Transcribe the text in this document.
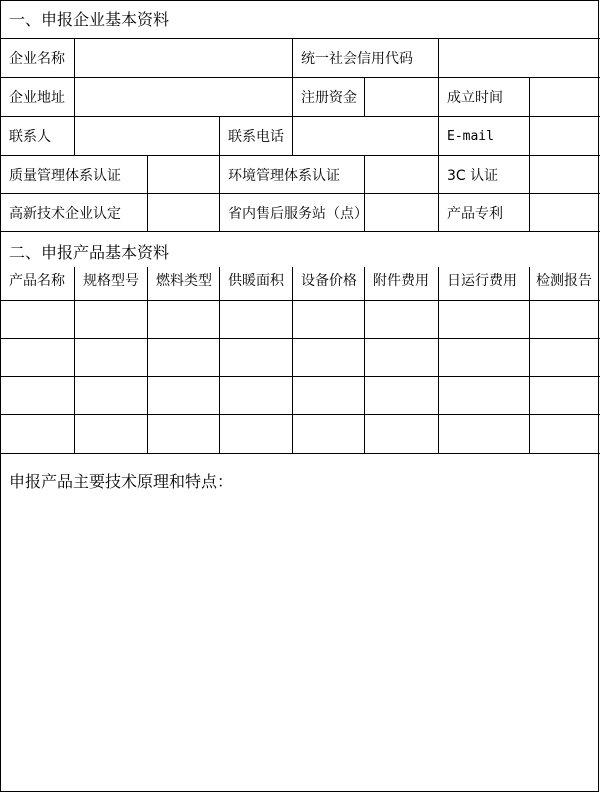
一、申报企业基本资料
企业名称	统一社会信用代码
企业地址	注册资金	成立时间
联系人	联系电话	E-mail
质量管理体系认证	环境管理体系认证	3C 认证
高新技术企业认定	省内售后服务站（点）	产品专利
二、申报产品基本资料
产品名称	规格型号	燃料类型	供暖面积	设备价格	附件费用	日运行费用	检测报告
申报产品主要技术原理和特点：
